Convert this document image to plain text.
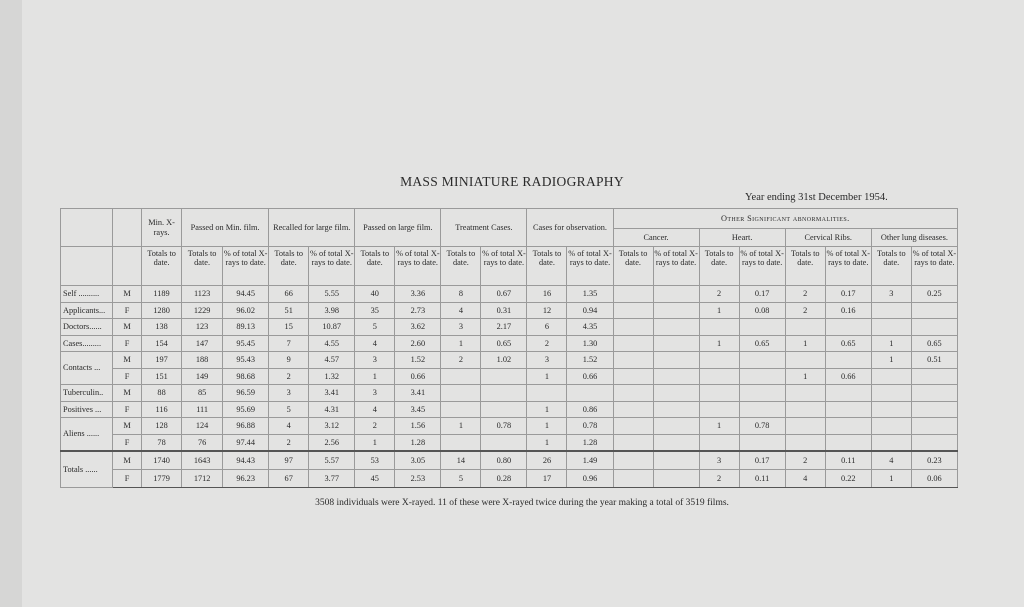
MASS MINIATURE RADIOGRAPHY
Year ending 31st December 1954.
		Min. X-rays.	Passed on Min. film.		Recalled for large film.		Passed on large film.		Treatment Cases.		Cases for observation.		Other Significant abnormalities.							
													Cancer.		Heart.		Cervical Ribs.		Other lung diseases.	
		Totals to date.	Totals to date.	% of total X-rays to date.	Totals to date.	% of total X-rays to date.	Totals to date.	% of total X-rays to date.	Totals to date.	% of total X-rays to date.	Totals to date.	% of total X-rays to date.	Totals to date.	% of total X-rays to date.	Totals to date.	% of total X-rays to date.	Totals to date.	% of total X-rays to date.	Totals to date.	% of total X-rays to date.
Self ..........	M	1189	1123	94.45	66	5.55	40	3.36	8	0.67	16	1.35			2	0.17	2	0.17	3	0.25
Applicants...	F	1280	1229	96.02	51	3.98	35	2.73	4	0.31	12	0.94			1	0.08	2	0.16		
Doctors......	M	138	123	89.13	15	10.87	5	3.62	3	2.17	6	4.35								
Cases.........	F	154	147	95.45	7	4.55	4	2.60	1	0.65	2	1.30			1	0.65	1	0.65	1	0.65
Contacts ...	M	197	188	95.43	9	4.57	3	1.52	2	1.02	3	1.52							1	0.51
	F	151	149	98.68	2	1.32	1	0.66			1	0.66					1	0.66		
Tuberculin..	M	88	85	96.59	3	3.41	3	3.41												
Positives ...	F	116	111	95.69	5	4.31	4	3.45			1	0.86								
Aliens ......	M	128	124	96.88	4	3.12	2	1.56	1	0.78	1	0.78			1	0.78				
	F	78	76	97.44	2	2.56	1	1.28			1	1.28								
Totals ......	M	1740	1643	94.43	97	5.57	53	3.05	14	0.80	26	1.49			3	0.17	2	0.11	4	0.23
	F	1779	1712	96.23	67	3.77	45	2.53	5	0.28	17	0.96			2	0.11	4	0.22	1	0.06
3508 individuals were X-rayed. 11 of these were X-rayed twice during the year making a total of 3519 films.
